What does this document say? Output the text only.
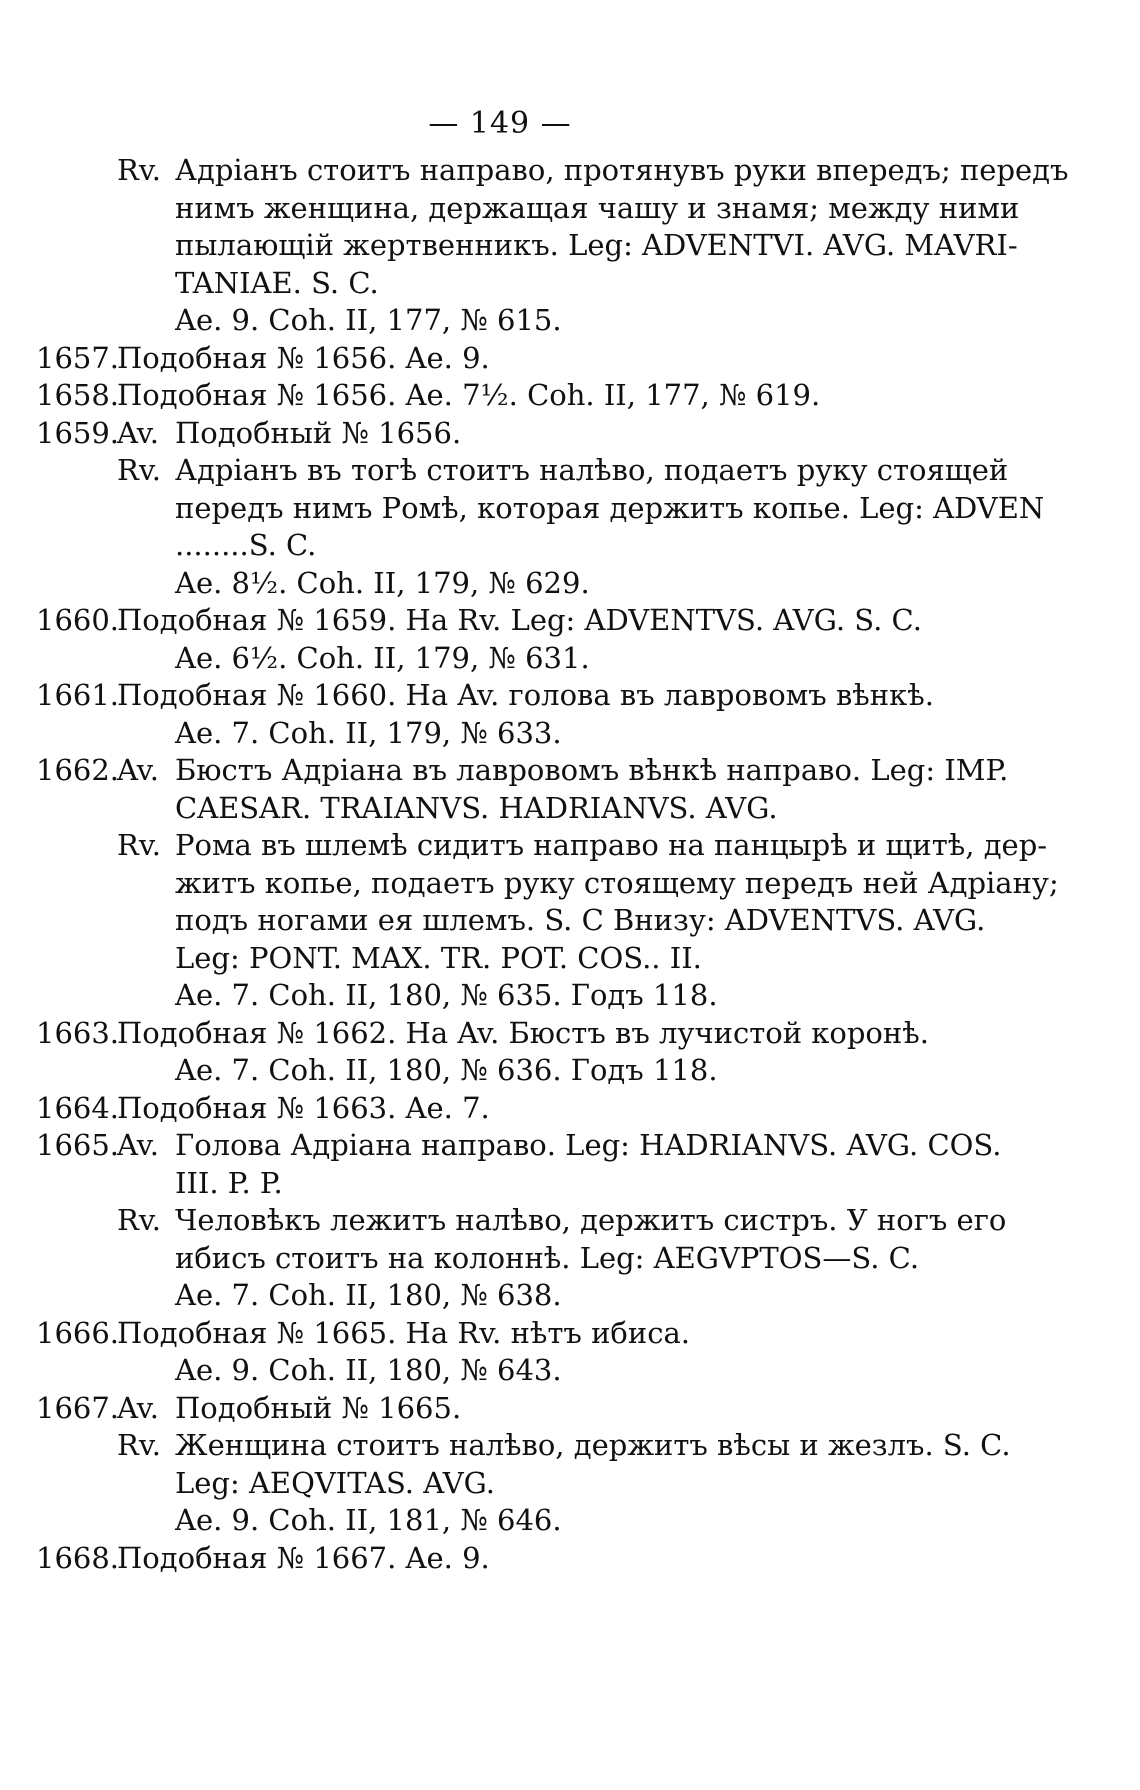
— 149 —
Rv. Адріанъ стоитъ направо, протянувъ руки впередъ; передъ
нимъ женщина, держащая чашу и знамя; между ними
пылающій жертвенникъ. Leg: ADVENTVI. AVG. MAVRI-
TANIAE. S. C.
Ae. 9. Coh. II, 177, № 615.
1657.
Подобная № 1656. Ae. 9.
1658.
Подобная № 1656. Ae. 7½. Coh. II, 177, № 619.
1659.
Av. Подобный № 1656.
Rv. Адріанъ въ тогѣ стоитъ налѣво, подаетъ руку стоящей
передъ нимъ Ромѣ, которая держитъ копье. Leg: ADVEN
........S. C.
Ae. 8½. Coh. II, 179, № 629.
1660.
Подобная № 1659. На Rv. Leg: ADVENTVS. AVG. S. C.
Ae. 6½. Coh. II, 179, № 631.
1661.
Подобная № 1660. На Av. голова въ лавровомъ вѣнкѣ.
Ae. 7. Coh. II, 179, № 633.
1662.
Av. Бюстъ Адріана въ лавровомъ вѣнкѣ направо. Leg: IMP.
CAESAR. TRAIANVS. HADRIANVS. AVG.
Rv. Рома въ шлемѣ сидитъ направо на панцырѣ и щитѣ, дер-
житъ копье, подаетъ руку стоящему передъ ней Адріану;
подъ ногами ея шлемъ. S. C Внизу: ADVENTVS. AVG.
Leg: PONT. MAX. TR. POT. COS.. II.
Ae. 7. Coh. II, 180, № 635. Годъ 118.
1663.
Подобная № 1662. На Av. Бюстъ въ лучистой коронѣ.
Ae. 7. Coh. II, 180, № 636. Годъ 118.
1664.
Подобная № 1663. Ae. 7.
1665.
Av. Голова Адріана направо. Leg: HADRIANVS. AVG. COS.
III. P. P.
Rv. Человѣкъ лежитъ налѣво, держитъ систръ. У ногъ его
ибисъ стоитъ на колоннѣ. Leg: AEGVPTOS—S. C.
Ae. 7. Coh. II, 180, № 638.
1666.
Подобная № 1665. На Rv. нѣтъ ибиса.
Ae. 9. Coh. II, 180, № 643.
1667.
Av. Подобный № 1665.
Rv. Женщина стоитъ налѣво, держитъ вѣсы и жезлъ. S. C.
Leg: AEQVITAS. AVG.
Ae. 9. Coh. II, 181, № 646.
1668.
Подобная № 1667. Ae. 9.
